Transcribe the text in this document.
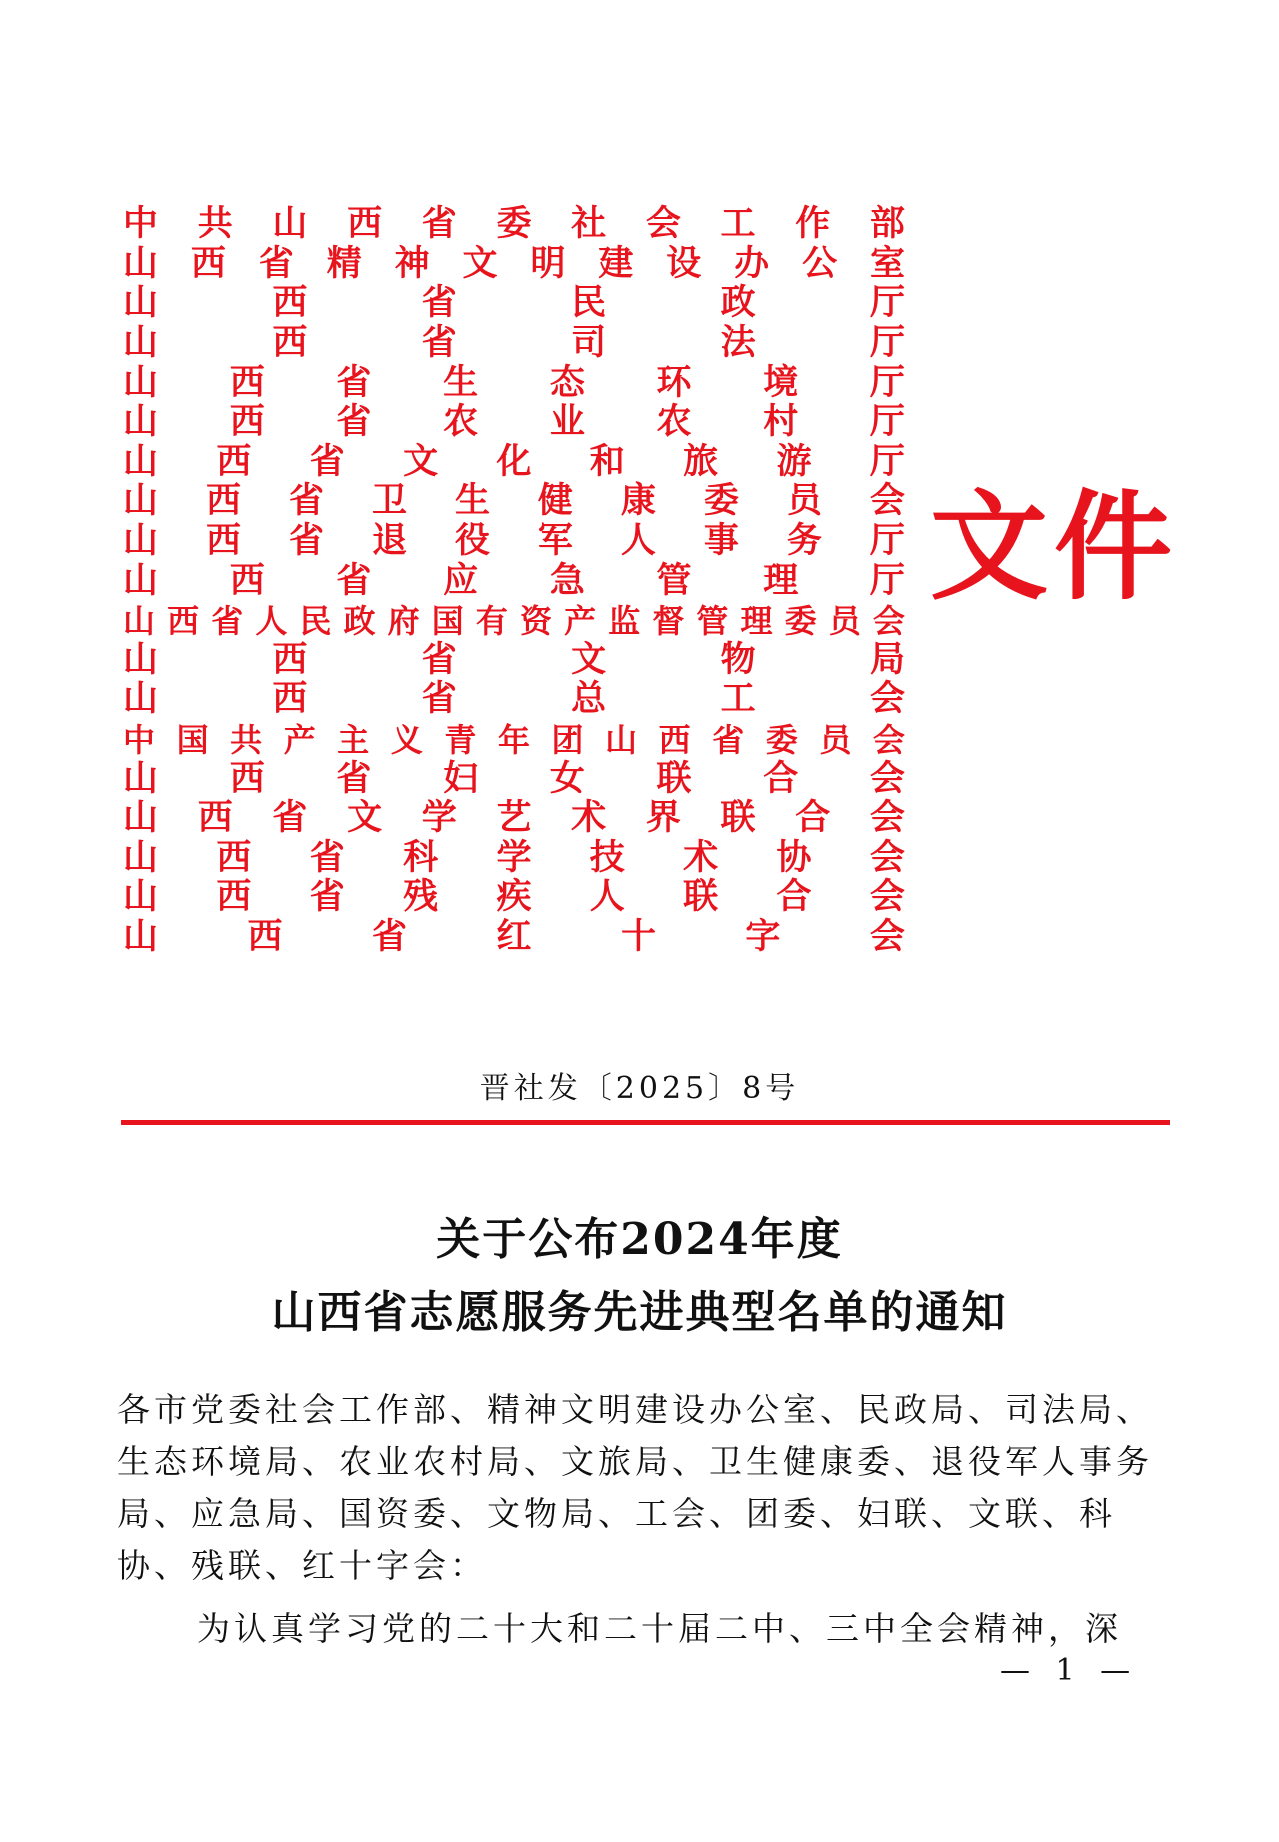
中 共 山 西 省 委 社 会 工 作 部
山 西 省 精 神 文 明 建 设 办 公 室
山	西	省	民	政	厅
山	西	省	司	法	厅
山 西 省 生 态 环 境 厅
山 西 省 农 业 农 村 厅
山 西 省 文 化 和 旅 游 厅
山 西 省 卫 生 健 康 委 员 会
山 西 省 退 役 军 人 事 务 厅
山 西 省 应 急 管 理 厅
山 西 省 人 民 政 府 国 有 资 产 监 督 管 理 委 员 会
山	西	省	文	物	局
山	西	省	总	工	会
中 国 共 产 主 义 青 年 团 山 西 省 委 员 会
山 西 省 妇 女 联 合 会
山 西 省 文 学 艺 术 界 联 合 会
山 西 省 科 学 技 术 协 会
山 西 省 残 疾 人 联 合 会
山	西	省	红	十	字	会
文件
晋社发〔2025〕8号
关于公布2024年度
山西省志愿服务先进典型名单的通知
各市党委社会工作部、精神文明建设办公室、民政局、司法局、生态环境局、农业农村局、文旅局、卫生健康委、退役军人事务局、应急局、国资委、文物局、工会、团委、妇联、文联、科协、残联、红十字会：
为认真学习党的二十大和二十届二中、三中全会精神，深
— 1 —
